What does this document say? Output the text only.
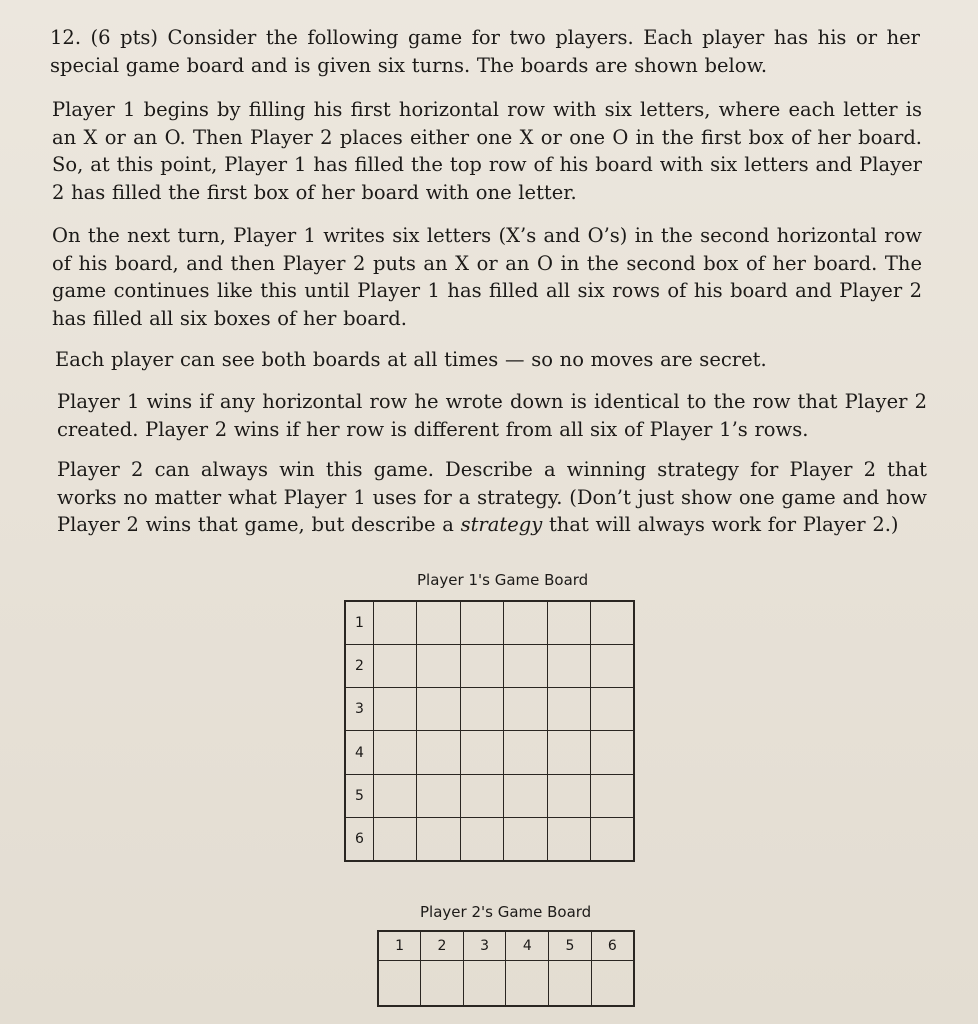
12. (6 pts) Consider the following game for two players. Each player has his or her special game board and is given six turns. The boards are shown below.

Player 1 begins by filling his first horizontal row with six letters, where each letter is an X or an O. Then Player 2 places either one X or one O in the first box of her board. So, at this point, Player 1 has filled the top row of his board with six letters and Player 2 has filled the first box of her board with one letter.

On the next turn, Player 1 writes six letters (X’s and O’s) in the second horizontal row of his board, and then Player 2 puts an X or an O in the second box of her board. The game continues like this until Player 1 has filled all six rows of his board and Player 2 has filled all six boxes of her board.

Each player can see both boards at all times — so no moves are secret.

Player 1 wins if any horizontal row he wrote down is identical to the row that Player 2 created. Player 2 wins if her row is different from all six of Player 1’s rows.

Player 2 can always win this game. Describe a winning strategy for Player 2 that works no matter what Player 1 uses for a strategy. (Don’t just show one game and how Player 2 wins that game, but describe a strategy that will always work for Player 2.)

Player 1's Game Board

1						
2						
3						
4						
5						
6						

Player 2's Game Board

1	2	3	4	5	6
